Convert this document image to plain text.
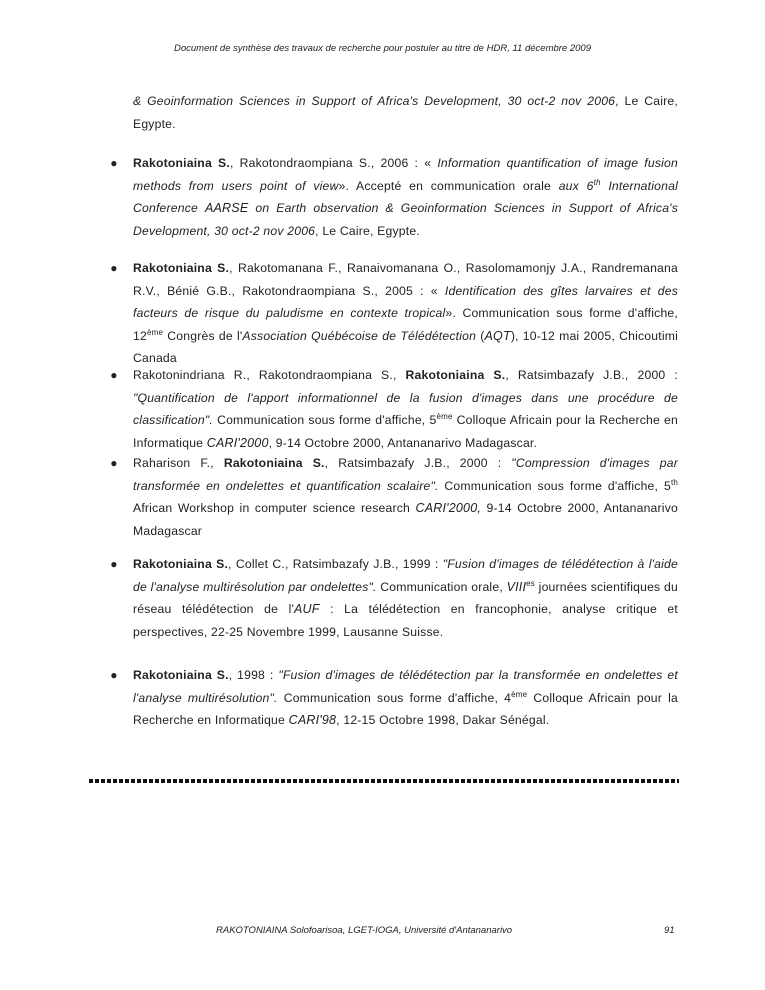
Document de synthèse des travaux de recherche pour postuler au titre de HDR, 11 décembre 2009

& Geoinformation Sciences in Support of Africa's Development, 30 oct-2 nov 2006, Le Caire, Egypte.

● Rakotoniaina S., Rakotondraompiana S., 2006 : « Information quantification of image fusion methods from users point of view». Accepté en communication orale aux 6th International Conference AARSE on Earth observation & Geoinformation Sciences in Support of Africa's Development, 30 oct-2 nov 2006, Le Caire, Egypte.
● Rakotoniaina S., Rakotomanana F., Ranaivomanana O., Rasolomamonjy J.A., Randremanana R.V., Bénié G.B., Rakotondraompiana S., 2005 : « Identification des gîtes larvaires et des facteurs de risque du paludisme en contexte tropical». Communication sous forme d'affiche, 12ème Congrès de l'Association Québécoise de Télédétection (AQT), 10-12 mai 2005, Chicoutimi Canada
● Rakotonindriana R., Rakotondraompiana S., Rakotoniaina S., Ratsimbazafy J.B., 2000 : "Quantification de l'apport informationnel de la fusion d'images dans une procédure de classification". Communication sous forme d'affiche, 5ème Colloque Africain pour la Recherche en Informatique CARI'2000, 9-14 Octobre 2000, Antananarivo Madagascar.
● Raharison F., Rakotoniaina S., Ratsimbazafy J.B., 2000 : "Compression d'images par transformée en ondelettes et quantification scalaire". Communication sous forme d'affiche, 5th African Workshop in computer science research CARI'2000, 9-14 Octobre 2000, Antananarivo Madagascar
● Rakotoniaina S., Collet C., Ratsimbazafy J.B., 1999 : "Fusion d'images de télédétection à l'aide de l'analyse multirésolution par ondelettes". Communication orale, $VIII^{es}$ journées scientifiques du réseau télédétection de l'AUF : La télédétection en francophonie, analyse critique et perspectives, 22-25 Novembre 1999, Lausanne Suisse.
● Rakotoniaina S., 1998 : "Fusion d'images de télédétection par la transformée en ondelettes et l'analyse multirésolution". Communication sous forme d'affiche, 4ème Colloque Africain pour la Recherche en Informatique CARI'98, 12-15 Octobre 1998, Dakar Sénégal.
RAKOTONIAINA Solofoarisoa, LGET-IOGA, Université d'Antananarivo	91
